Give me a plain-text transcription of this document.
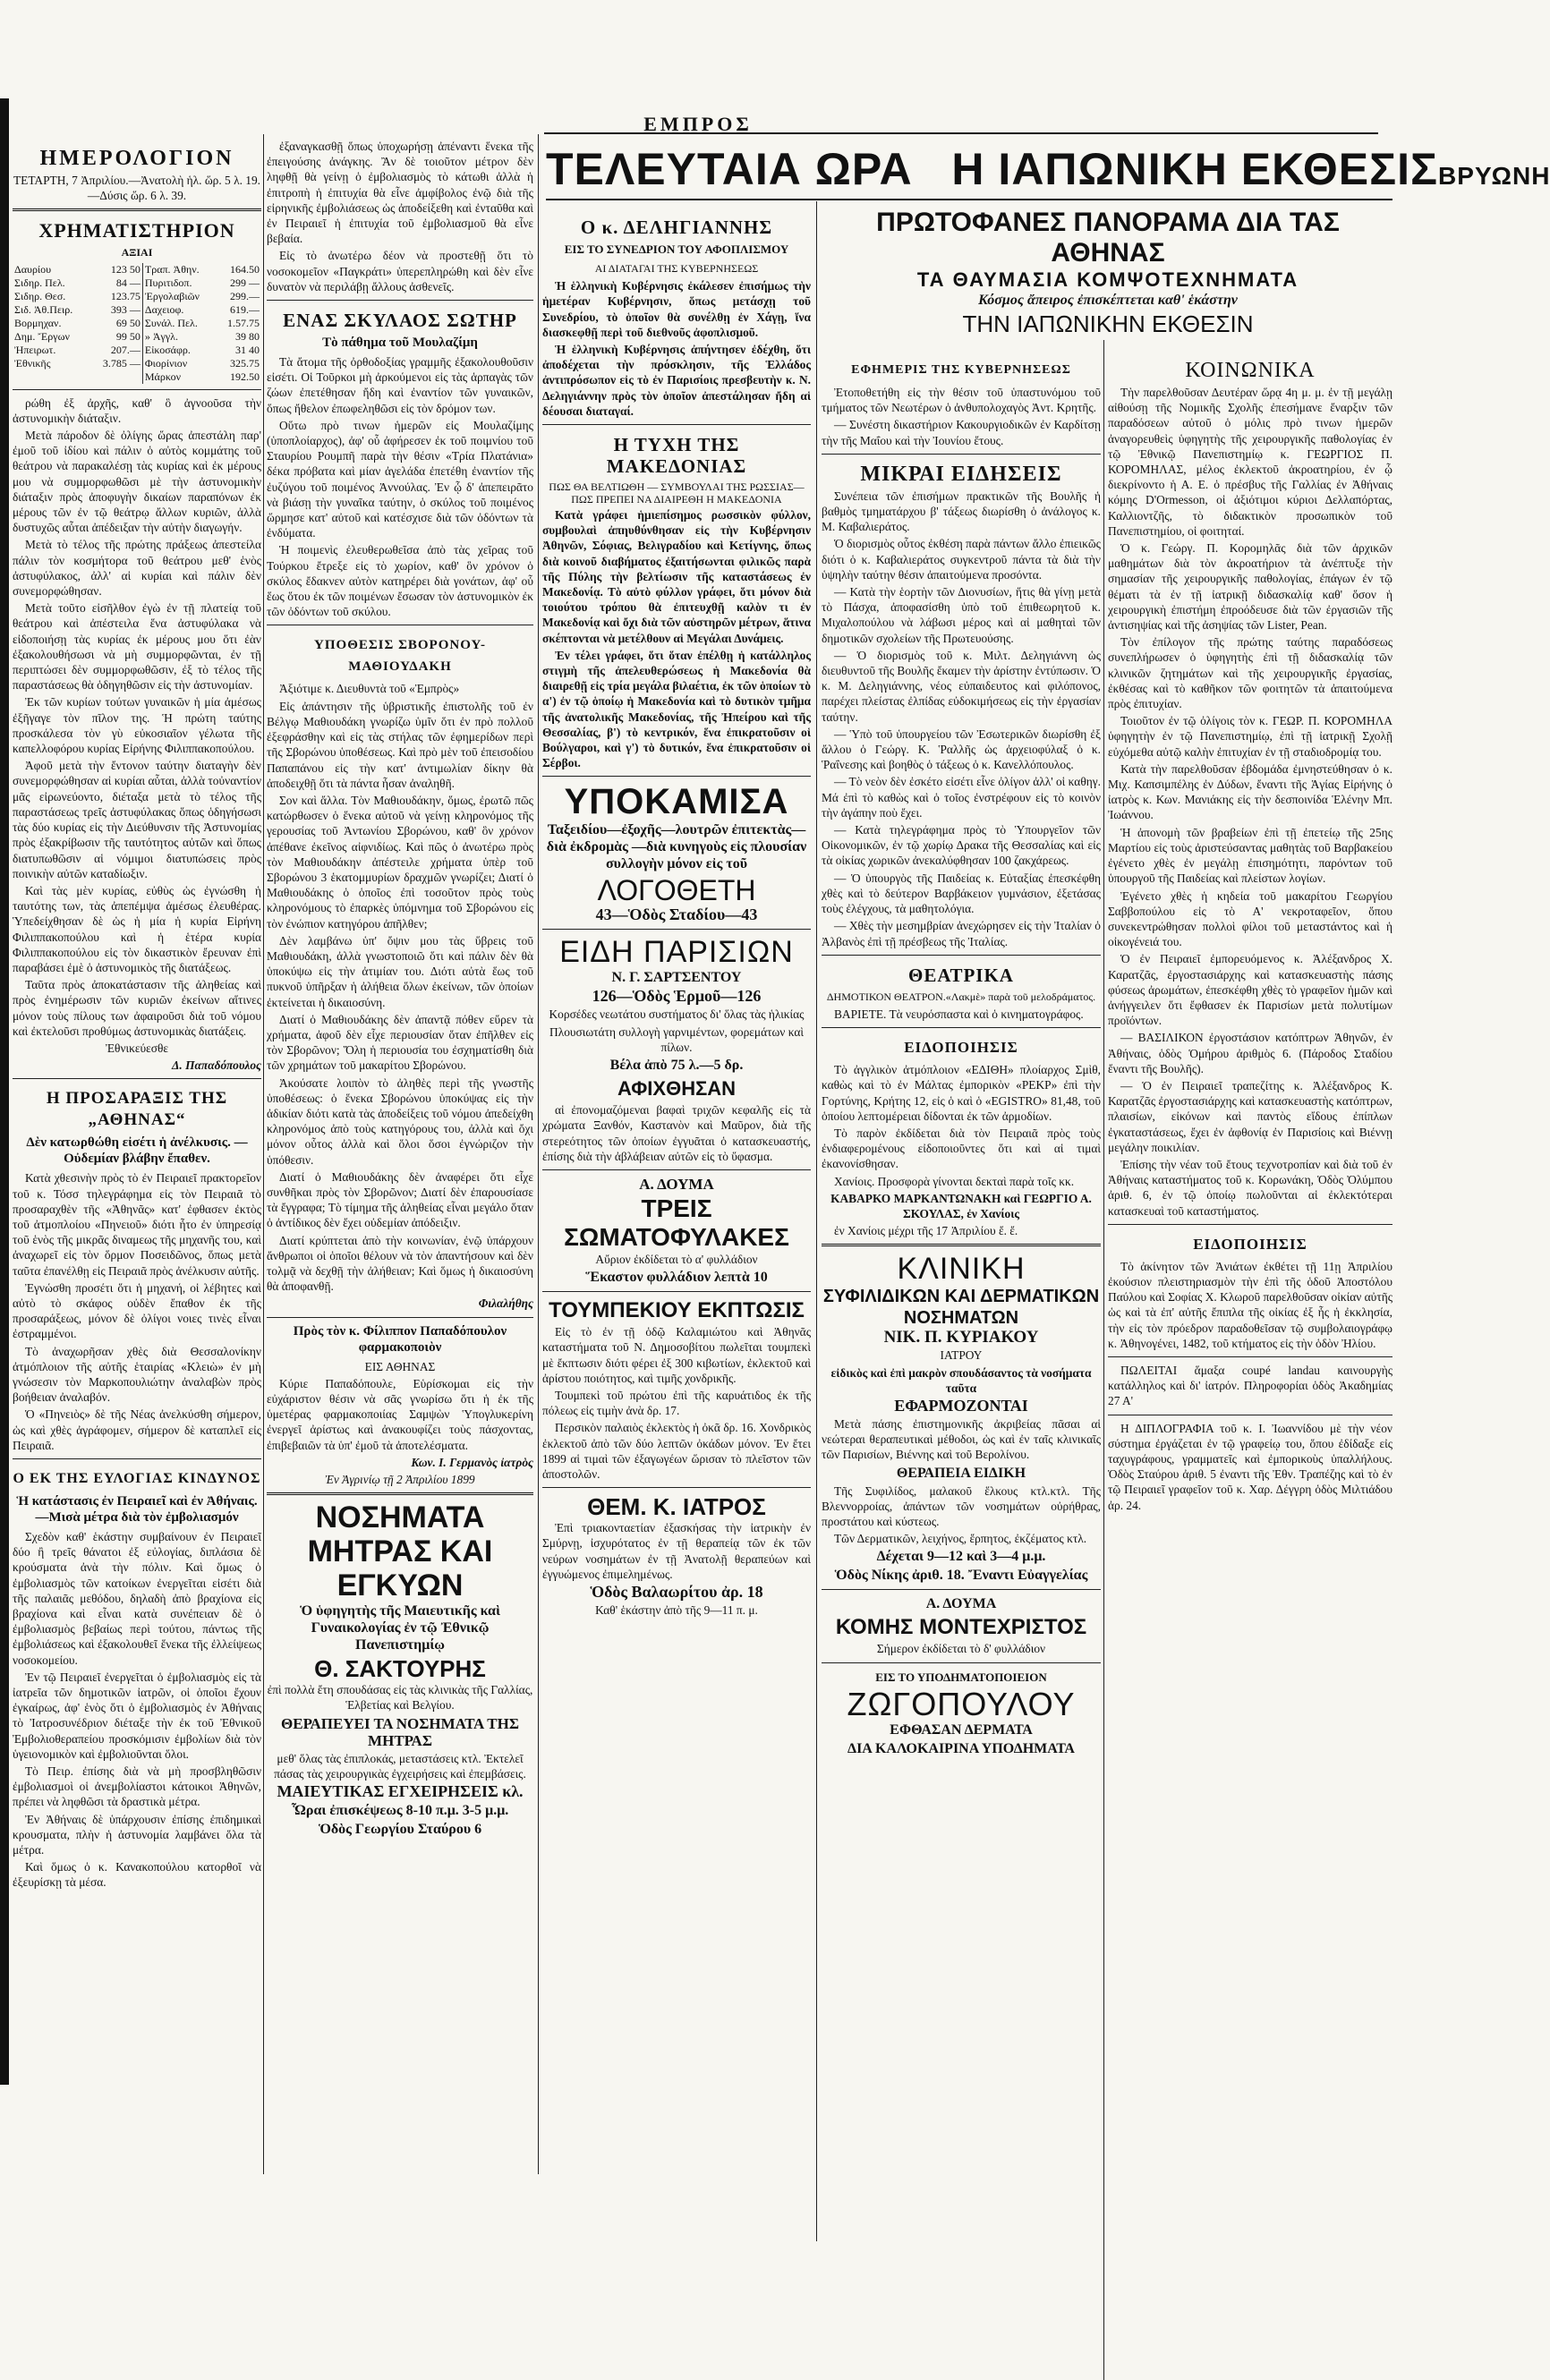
ΕΜΠΡΟΣ
ΤΕΛΕΥΤΑΙΑ ΩΡΑ Η ΙΑΠΩΝΙΚΗ ΕΚΘΕΣΙΣΒΡΥΩΝΗ
ΗΜΕΡΟΛΟΓΙΟΝ

ΤΕΤΑΡΤΗ, 7 Ἀπριλίου.—Ἀνατολὴ ἡλ. ὥρ. 5 λ. 19.—Δύσις ὥρ. 6 λ. 39.

ΧΡΗΜΑΤΙΣΤΗΡΙΟΝ

ΑΞΙΑΙ

Δαυρίου	123 50	Τραπ. Ἀθην.	164.50
Σιδηρ. Πελ.	84 —	Πυριτιδοπ.	299 —
Σιδηρ. Θεσ.	123.75	Ἐργολαβιῶν	299.—
Σιδ. Ἀθ.Πειρ.	393 —	Δαχειοφ.	619.—
Βορμηχαν.	69 50	Συνάλ. Πελ.	1.57.75
Δημ. Ἔργων	99 50	» Ἀγγλ.	39 80
Ἠπειρωτ.	207.—	Εἰκοσάφρ.	31 40
Ἐθνικῆς	3.785 —	Φιορίνιον	325.75
		Μάρκον	192.50

ρώθη ἐξ ἀρχῆς, καθ' ὃ ἀγνοοῦσα τὴν ἀστυνομικὴν διάταξιν.

Μετὰ πάροδον δὲ ὀλίγης ὥρας ἀπεστάλη παρ' ἐμοῦ τοῦ ἰδίου καὶ πάλιν ὁ αὐτὸς κομμάτης τοῦ θεάτρου νὰ παρακαλέσῃ τὰς κυρίας καὶ ἐκ μέρους μου νὰ συμμορφωθῶσι μὲ τὴν ἀστυνομικὴν διάταξιν πρὸς ἀποφυγὴν δικαίων παραπόνων ἐκ μέρους τῶν ἐν τῷ θεάτρῳ ἄλλων κυριῶν, ἀλλὰ δυστυχῶς αὗται ἀπέδειξαν τὴν αὐτὴν διαγωγήν.

Μετὰ τὸ τέλος τῆς πρώτης πράξεως ἀπεστείλα πάλιν τὸν κοσμήτορα τοῦ θεάτρου μεθ' ἑνὸς ἀστυφύλακος, ἀλλ' αἱ κυρίαι καὶ πάλιν δὲν συνεμορφώθησαν.

Μετὰ τοῦτο εἰσῆλθον ἐγὼ ἐν τῇ πλατείᾳ τοῦ θεάτρου καὶ ἀπέστειλα ἕνα ἀστυφύλακα νὰ εἰδοποιήσῃ τὰς κυρίας ἐκ μέρους μου ὅτι ἐὰν ἐξακολουθήσωσι νὰ μὴ συμμορφῶνται, ἐν τῇ περιπτώσει δὲν συμμορφωθῶσιν, ἐξ τὸ τέλος τῆς παραστάσεως θὰ ὁδηγηθῶσιν εἰς τὴν ἀστυνομίαν.

Ἐκ τῶν κυρίων τούτων γυναικῶν ἡ μία ἀμέσως ἐξῆγαγε τὸν πῖλον της. Ἡ πρώτη ταύτης προσκάλεσα τὸν γὺ εὐκοσιαῖον γέλωτα τῆς καπελλοφόρου κυρίας Εἰρήνης Φιλιππακοπούλου.

Ἀφοῦ μετὰ τὴν ἔντονον ταύτην διαταγὴν δὲν συνεμορφώθησαν αἱ κυρίαι αὗται, ἀλλὰ τοὐναντίον μᾶς εἰρωνεύοντο, διέταξα μετὰ τὸ τέλος τῆς παραστάσεως τρεῖς ἀστυφύλακας ὅπως ὁδηγήσωσι τὰς δύο κυρίας εἰς τὴν Διεύθυνσιν τῆς Ἀστυνομίας πρὸς ἐξακρίβωσιν τῆς ταυτότητος αὐτῶν καὶ ὅπως διατυπωθῶσιν αἱ νόμιμοι διατυπώσεις πρὸς ποινικὴν αὐτῶν καταδίωξιν.

Καὶ τὰς μὲν κυρίας, εὐθὺς ὡς ἐγνώσθη ἡ ταυτότης των, τὰς ἀπεπέμψα ἀμέσως ἐλευθέρας. Ὑπεδείχθησαν δὲ ὡς ἡ μία ἡ κυρία Εἰρήνη Φιλιππακοπούλου καὶ ἡ ἑτέρα κυρία Φιλιππακοπούλου εἰς τὸν δικαστικὸν ἔρευναν ἐπὶ παραβάσει ἐμὲ ὁ ἀστυνομικὸς τῆς διατάξεως.

Ταῦτα πρὸς ἀποκατάστασιν τῆς ἀληθείας καὶ πρὸς ἐνημέρωσιν τῶν κυριῶν ἐκείνων αἵτινες μόνον τοὺς πίλους των ἀφαιροῦσι διὰ τοῦ νόμου καὶ ἐκτελοῦσι προθύμως ἀστυνομικὰς διατάξεις.

Ἐθνικεύεσθε

Δ. Παπαδόπουλος

Η ΠΡΟΣΑΡΑΞΙΣ ΤΗΣ „ΑΘΗΝΑΣ“

Δὲν κατωρθώθη εἰσέτι ἡ ἀνέλκυσις. — Οὐδεμίαν βλάβην ἔπαθεν.

Κατὰ χθεσινὴν πρὸς τὸ ἐν Πειραιεῖ πρακτορεῖον τοῦ κ. Τόσσ τηλεγράφημα εἰς τὸν Πειραιᾶ τὸ προσαραχθὲν τῆς «Ἀθηνᾶς» κατ' ἐφθασεν ἐκτὸς τοῦ ἀτμοπλοίου «Πηνειοῦ» διότι ἦτο ἐν ὑπηρεσίᾳ τοῦ ἑνὸς τῆς μικρᾶς διναμεως τῆς μηχανῆς του, καὶ ἀναχωρεῖ εἰς τὸν ὅρμον Ποσειδῶνος, ὅπως μετὰ ταῦτα ἐπανέλθῃ εἰς Πειραιᾶ πρὸς ἀνέλκυσιν αὐτῆς.

Ἐγνώσθη προσέτι ὅτι ἡ μηχανή, οἱ λέβητες καὶ αὐτὸ τὸ σκάφος οὐδὲν ἔπαθον ἐκ τῆς προσαράξεως, μόνον δὲ ὀλίγοι νοιες τινὲς εἶναι ἐστραμμένοι.

Τὸ ἀναχωρῆσαν χθὲς διὰ Θεσσαλονίκην ἀτμόπλοιον τῆς αὐτῆς ἑταιρίας «Κλειὼ» ἐν μὴ γνώσεσιν τὸν Μαρκοπουλιώτην ἀναλαβὼν πρὸς βοήθειαν ἀναλαβόν.

Ὁ «Πηνειὸς» δὲ τῆς Νέας ἀνελκύσθη σήμερον, ὡς καὶ χθὲς ἀγράφομεν, σήμερον δὲ καταπλεῖ εἰς Πειραιᾶ.

Ο ΕΚ ΤΗΣ ΕΥΛΟΓΙΑΣ ΚΙΝΔΥΝΟΣ

Ἡ κατάστασις ἐν Πειραιεῖ καὶ ἐν Ἀθήναις.—Μισὰ μέτρα διὰ τὸν ἐμβολιασμόν

Σχεδὸν καθ' ἑκάστην συμβαίνουν ἐν Πειραιεῖ δύο ἢ τρεῖς θάνατοι ἐξ εὐλογίας, διπλάσια δὲ κρούσματα ἀνὰ τὴν πόλιν. Καὶ ὅμως ὁ ἐμβολιασμὸς τῶν κατοίκων ἐνεργεῖται εἰσέτι διὰ τῆς παλαιᾶς μεθόδου, δηλαδὴ ἀπὸ βραχίονα εἰς βραχίονα καὶ εἶναι κατὰ συνέπειαν δὲ ὁ ἐμβολιασμὸς βεβαίως περὶ τούτου, πάντως τῆς ἐμβολιάσεως καὶ ἐξακολουθεῖ ἕνεκα τῆς ἐλλείψεως νοσοκομείου.

Ἐν τῷ Πειραιεῖ ἐνεργεῖται ὁ ἐμβολιασμὸς εἰς τὰ ἰατρεῖα τῶν δημοτικῶν ἰατρῶν, οἱ ὁποῖοι ἔχουν ἐγκαίρως, ἀφ' ἑνὸς ὅτι ὁ ἐμβολιασμὸς ἐν Ἀθήναις τὸ Ἰατροσυνέδριον διέταξε τὴν ἐκ τοῦ Ἐθνικοῦ Ἐμβολιοθεραπείου προσκόμισιν ἐμβολίων διὰ τὸν ὑγειονομικὸν καὶ ἐμβολιοῦνται ὅλοι.

Τὸ Πειρ. ἐπίσης διὰ νὰ μὴ προσβληθῶσιν ἐμβολιασμοὶ οἱ ἀνεμβολίαστοι κάτοικοι Ἀθηνῶν, πρέπει νὰ ληφθῶσι τὰ δραστικὰ μέτρα.

Ἐν Ἀθήναις δὲ ὑπάρχουσιν ἐπίσης ἐπιδημικαὶ κρουσματα, πλὴν ἡ ἀστυνομία λαμβάνει ὅλα τὰ μέτρα.

Καὶ ὅμως ὁ κ. Κανακοπούλου κατορθοῖ νὰ ἐξευρίσκῃ τὰ μέσα.

ἐξαναγκασθῇ ὅπως ὑποχωρήσῃ ἀπέναντι ἕνεκα τῆς ἐπειγούσης ἀνάγκης. Ἂν δὲ τοιοῦτον μέτρον δὲν ληφθῇ θὰ γείνῃ ὁ ἐμβολιασμὸς τὸ κάτωθι ἀλλὰ ἡ ἐπιτροπὴ ἡ ἐπιτυχία θὰ εἶνε ἀμφίβολος ἐνῷ διὰ τῆς εἰρηνικῆς ἐμβολιάσεως ὡς ἀποδείξεθη καὶ ἐνταῦθα καὶ ἐν Πειραιεῖ ἡ ἐπιτυχία τοῦ ἐμβολιασμοῦ θὰ εἶνε βεβαία.

Εἰς τὸ ἀνωτέρω δέον νὰ προστεθῇ ὅτι τὸ νοσοκομεῖον «Παγκράτι» ὑπερεπληρώθη καὶ δὲν εἶνε δυνατὸν νὰ περιλάβῃ ἄλλους ἀσθενεῖς.

ΕΝΑΣ ΣΚΥΛΑΟΣ ΣΩΤΗΡ

Τὸ πάθημα τοῦ Μουλαζίμη

Τὰ ἄτομα τῆς ὀρθοδοξίας γραμμῆς ἐξακολουθοῦσιν εἰσέτι. Οἱ Τοῦρκοι μὴ ἀρκούμενοι εἰς τὰς ἁρπαγὰς τῶν ζώων ἐπετέθησαν ἤδη καὶ ἐναντίον τῶν γυναικῶν, ὅπως ἤθελον ἐπωφεληθῶσι εἰς τὸν δρόμον των.

Οὕτω πρὸ τινων ἡμερῶν εἰς Μουλαζίμης (ὑποπλοίαρχος), ἀφ' οὗ ἀφήρεσεν ἐκ τοῦ ποιμνίου τοῦ Σταυρίου Ρουμπῆ παρὰ τὴν θέσιν «Τρία Πλατάνια» δέκα πρόβατα καὶ μίαν ἀγελάδα ἐπετέθη ἐναντίον τῆς ἐυζύγου τοῦ ποιμένος Ἀννούλας. Ἐν ᾧ δ' ἀπεπειρᾶτο νὰ βιάσῃ τὴν γυναῖκα ταύτην, ὁ σκύλος τοῦ ποιμένος ὥρμησε κατ' αὐτοῦ καὶ κατέσχισε διὰ τῶν ὀδόντων τὰ ἐνδύματα.

Ἡ ποιμενὶς ἐλευθερωθεῖσα ἀπὸ τὰς χεῖρας τοῦ Τούρκου ἔτρεξε εἰς τὸ χωρίον, καθ' ὃν χρόνον ὁ σκύλος ἔδακνεν αὐτὸν κατηρέρει διὰ γονάτων, ἀφ' οὗ ἕως ὅτου ἐκ τῶν ποιμένων ἔσωσαν τὸν ἀστυνομικὸν ἐκ τῶν ὀδόντων τοῦ σκύλου.

ΥΠΟΘΕΣΙΣ ΣΒΟΡΟΝΟΥ-ΜΑΘΙΟΥΔΑΚΗ

Ἀξιότιμε κ. Διευθυντὰ τοῦ «Ἐμπρὸς»

Εἰς ἀπάντησιν τῆς ὑβριστικῆς ἐπιστολῆς τοῦ ἐν Βέλγῳ Μαθιουδάκη γνωρίζω ὑμῖν ὅτι ἐν πρὸ πολλοῦ ἐξεφράσθην καὶ εἰς τὰς στήλας τῶν ἐφημερίδων περὶ τῆς Σβορώνου ὑποθέσεως. Καὶ πρὸ μὲν τοῦ ἐπεισοδίου Παπαπάνου εἰς τὴν κατ' ἀντιμωλίαν δίκην θὰ ἀποδειχθῇ ὅτι τὰ πάντα ἦσαν ἀναληθῆ.

Σον καὶ ἄλλα. Τὸν Μαθιουδάκην, ὅμως, ἐρωτῶ πῶς κατώρθωσεν ὁ ἕνεκα αὐτοῦ νὰ γείνῃ κληρονόμος τῆς γερουσίας τοῦ Ἀντωνίου Σβορώνου, καθ' ὃν χρόνον ἀπέθανε ἐκεῖνος αἰφνιδίως. Καὶ πῶς ὁ ἀνωτέρω πρὸς τὸν Μαθιουδάκην ἀπέστειλε χρήματα ὑπὲρ τοῦ Σβορώνου 3 ἑκατομμυρίων δραχμῶν γνωρίζει; Διατί ὁ Μαθιουδάκης ὁ ὁποῖος ἐπὶ τοσοῦτον πρὸς τοὺς κληρονόμους τὸ ἐπαρκὲς ὑπόμνημα τοῦ Σβορώνου εἰς τὸν ἐνώπιον κατηγόρου ἀπῆλθεν;

Δὲν λαμβάνω ὑπ' ὄψιν μου τὰς ὕβρεις τοῦ Μαθιουδάκη, ἀλλὰ γνωστοποιῶ ὅτι καὶ πάλιν δὲν θὰ ὑποκύψω εἰς τὴν ἀτιμίαν του. Διότι αὐτὰ ἕως τοῦ πυκνοῦ ὑπῆρξαν ἡ ἀλήθεια ὅλων ἐκείνων, τῶν ὁποίων ἐκτείνεται ἡ δικαιοσύνη.

Διατί ὁ Μαθιουδάκης δὲν ἀπαντᾷ πόθεν εὕρεν τὰ χρήματα, ἀφοῦ δὲν εἶχε περιουσίαν ὅταν ἐπῆλθεν εἰς τὸν Σβορῶνον; Ὅλη ἡ περιουσία του ἐσχηματίσθη διὰ τῶν χρημάτων τοῦ μακαρίτου Σβορώνου.

Ἀκούσατε λοιπὸν τὸ ἀληθὲς περὶ τῆς γνωστῆς ὑποθέσεως: ὁ ἕνεκα Σβορώνου ὑποκύψας εἰς τὴν ἀδικίαν διότι κατὰ τὰς ἀποδείξεις τοῦ νόμου ἀπεδείχθη κληρονόμος ἀπὸ τοὺς κατηγόρους του, ἀλλὰ καὶ ὄχι μόνον οὗτος ἀλλὰ καὶ ὅλοι ὅσοι ἐγνώριζον τὴν ὑπόθεσιν.

Διατί ὁ Μαθιουδάκης δὲν ἀναφέρει ὅτι εἶχε συνθῆκαι πρὸς τὸν Σβορῶνον; Διατί δὲν ἐπαρουσίασε τὰ ἔγγραφα; Τὸ τίμημα τῆς ἀληθείας εἶναι μεγάλο ὅταν ὁ ἀντίδικος δὲν ἔχει οὐδεμίαν ἀπόδειξιν.

Διατί κρύπτεται ἀπὸ τὴν κοινωνίαν, ἐνῷ ὑπάρχουν ἄνθρωποι οἱ ὁποῖοι θέλουν νὰ τὸν ἀπαντήσουν καὶ δὲν τολμᾷ νὰ δεχθῇ τὴν ἀλήθειαν; Καὶ ὅμως ἡ δικαιοσύνη θὰ ἀποφανθῇ.

Φιλαλήθης

Πρὸς τὸν κ. Φίλιππον Παπαδόπουλον φαρμακοποιὸν

ΕΙΣ ΑΘΗΝΑΣ

Κύριε Παπαδόπουλε, Εὑρίσκομαι εἰς τὴν εὐχάριστον θέσιν νὰ σᾶς γνωρίσω ὅτι ἡ ἐκ τῆς ὑμετέρας φαρμακοποιίας Σαμψὼν Ὑπογλυκερίνη ἐνεργεῖ ἀρίστως καὶ ἀνακουφίζει τοὺς πάσχοντας, ἐπιβεβαιῶν τὰ ὑπ' ἐμοῦ τὰ ἀποτελέσματα.

Κων. Ι. Γερμανὸς ἰατρὸς

Ἐν Ἀγρινίῳ τῇ 2 Ἀπριλίου 1899

ΝΟΣΗΜΑΤΑ ΜΗΤΡΑΣ ΚΑΙ ΕΓΚΥΩΝ

Ὁ ὑφηγητὴς τῆς Μαιευτικῆς καὶ Γυναικολογίας ἐν τῷ Ἐθνικῷ Πανεπιστημίῳ

Θ. ΣΑΚΤΟΥΡΗΣ

ἐπὶ πολλὰ ἔτη σπουδάσας εἰς τὰς κλινικὰς τῆς Γαλλίας, Ἑλβετίας καὶ Βελγίου.

ΘΕΡΑΠΕΥΕΙ ΤΑ ΝΟΣΗΜΑΤΑ ΤΗΣ ΜΗΤΡΑΣ

μεθ' ὅλας τὰς ἐπιπλοκάς, μεταστάσεις κτλ. Ἐκτελεῖ πάσας τὰς χειρουργικὰς ἐγχειρήσεις καὶ ἐπεμβάσεις.

ΜΑΙΕΥΤΙΚΑΣ ΕΓΧΕΙΡΗΣΕΙΣ κλ.

Ὧραι ἐπισκέψεως 8-10 π.μ. 3-5 μ.μ.

Ὁδὸς Γεωργίου Σταύρου 6

Ο κ. ΔΕΛΗΓΙΑΝΝΗΣ

ΕΙΣ ΤΟ ΣΥΝΕΔΡΙΟΝ ΤΟΥ ΑΦΟΠΛΙΣΜΟΥ

ΑΙ ΔΙΑΤΑΓΑΙ ΤΗΣ ΚΥΒΕΡΝΗΣΕΩΣ

Ἡ ἑλληνικὴ Κυβέρνησις ἐκάλεσεν ἐπισήμως τὴν ἡμετέραν Κυβέρνησιν, ὅπως μετάσχῃ τοῦ Συνεδρίου, τὸ ὁποῖον θὰ συνέλθῃ ἐν Χάγῃ, ἵνα διασκεφθῇ περὶ τοῦ διεθνοῦς ἀφοπλισμοῦ.

Ἡ ἑλληνικὴ Κυβέρνησις ἀπήντησεν ἐδέχθη, ὅτι ἀποδέχεται τὴν πρόσκλησιν, τῆς Ἑλλάδος ἀντιπρόσωπον εἰς τὸ ἐν Παρισίοις πρεσβευτὴν κ. Ν. Δεληγιάννην πρὸς τὸν ὁποῖον ἀπεστάλησαν ἤδη αἱ δέουσαι διαταγαί.

Η ΤΥΧΗ ΤΗΣ ΜΑΚΕΔΟΝΙΑΣ

ΠΩΣ ΘΑ ΒΕΛΤΙΩΘΗ — ΣΥΜΒΟΥΛΑΙ ΤΗΣ ΡΩΣΣΙΑΣ—ΠΩΣ ΠΡΕΠΕΙ ΝΑ ΔΙΑΙΡΕΘΗ Η ΜΑΚΕΔΟΝΙΑ

Κατὰ γράφει ἡμιεπίσημος ρωσσικὸν φύλλον, συμβουλαὶ ἀπηυθύνθησαν εἰς τὴν Κυβέρνησιν Ἀθηνῶν, Σόφιας, Βελιγραδίου καὶ Κετίγνης, ὅπως διὰ κοινοῦ διαβήματος ἐξαιτήσωνται φιλικῶς παρὰ τῆς Πύλης τὴν βελτίωσιν τῆς καταστάσεως ἐν Μακεδονίᾳ. Τὸ αὐτὸ φύλλον γράφει, ὅτι μόνον διὰ τοιούτου τρόπου θὰ ἐπιτευχθῇ καλὸν τι ἐν Μακεδονίᾳ καὶ ὄχι διὰ τῶν αὐστηρῶν μέτρων, ἅτινα σκέπτονται νὰ μετέλθουν αἱ Μεγάλαι Δυνάμεις.

Ἐν τέλει γράφει, ὅτι ὅταν ἐπέλθῃ ἡ κατάλληλος στιγμὴ τῆς ἀπελευθερώσεως ἡ Μακεδονία θὰ διαιρεθῇ εἰς τρία μεγάλα βιλαέτια, ἐκ τῶν ὁποίων τὸ α') ἐν τῷ ὁποίῳ ἡ Μακεδονία καὶ τὸ δυτικὸν τμῆμα τῆς ἀνατολικῆς Μακεδονίας, τῆς Ἠπείρου καὶ τῆς Θεσσαλίας, β') τὸ κεντρικόν, ἕνα ἐπικρατοῦσιν οἱ Βούλγαροι, καὶ γ') τὸ δυτικόν, ἕνα ἐπικρατοῦσιν οἱ Σέρβοι.

ΥΠΟΚΑΜΙΣΑ

Ταξειδίου—ἐξοχῆς—λουτρῶν ἐπιτεκτὰς—διὰ ἐκδρομὰς —διὰ κυνηγοὺς εἰς πλουσίαν συλλογὴν μόνον εἰς τοῦ

ΛΟΓΟΘΕΤΗ

43—Ὁδὸς Σταδίου—43

ΕΙΔΗ ΠΑΡΙΣΙΩΝ

Ν. Γ. ΣΑΡΤΣΕΝΤΟΥ

126—Ὁδὸς Ἑρμοῦ—126

Κορσέδες νεωτάτου συστήματος δι' ὅλας τὰς ἡλικίας

Πλουσιωτάτη συλλογὴ γαρνιμέντων, φορεμάτων καὶ πίλων.

Βέλα ἀπὸ 75 λ.—5 δρ.

ΑΦΙΧΘΗΣΑΝ

αἱ ἐπονομαζόμεναι βαφαὶ τριχῶν κεφαλῆς εἰς τὰ χρώματα Ξανθόν, Καστανὸν καὶ Μαῦρον, διὰ τῆς στερεότητος τῶν ὁποίων ἐγγυᾶται ὁ κατασκευαστής, ἐπίσης διὰ τὴν ἀβλάβειαν αὐτῶν εἰς τὸ ὕφασμα.

Α. ΔΟΥΜΑ

ΤΡΕΙΣ ΣΩΜΑΤΟΦΥΛΑΚΕΣ

Αὔριον ἐκδίδεται τὸ α' φυλλάδιον

Ἕκαστον φυλλάδιον λεπτὰ 10

ΤΟΥΜΠΕΚΙΟΥ ΕΚΠΤΩΣΙΣ

Εἰς τὸ ἐν τῇ ὁδῷ Καλαμιώτου καὶ Ἀθηνᾶς καταστήματα τοῦ Ν. Δημοσοβίτου πωλεῖται τουμπεκὶ μὲ ἔκπτωσιν διότι φέρει ἐξ 300 κιβωτίων, ἐκλεκτοῦ καὶ ἀρίστου ποιότητος, καὶ τιμῆς χονδρικῆς.

Τουμπεκὶ τοῦ πρώτου ἐπὶ τῆς καρυάτιδος ἐκ τῆς πόλεως εἰς τιμὴν ἀνὰ δρ. 17.

Περσικὸν παλαιὸς ἐκλεκτὸς ἡ ὀκᾶ δρ. 16. Χονδρικὸς ἐκλεκτοῦ ἀπὸ τῶν δύο λεπτῶν ὀκάδων μόνον. Ἐν ἔτει 1899 αἱ τιμαὶ τῶν ἐξαγωγέων ὥρισαν τὸ πλεῖστον τῶν ἀποστολῶν.

ΘΕΜ. Κ. ΙΑΤΡΟΣ

Ἐπὶ τριακονταετίαν ἐξασκήσας τὴν ἰατρικὴν ἐν Σμύρνῃ, ἰσχυρότατος ἐν τῇ θεραπείᾳ τῶν ἐκ τῶν νεύρων νοσημάτων ἐν τῇ Ἀνατολῇ θεραπεύων καὶ ἐγγυώμενος ἐπιμελημένως.

Ὁδὸς Βαλαωρίτου ἀρ. 18

Καθ' ἑκάστην ἀπὸ τῆς 9—11 π. μ.

ΠΡΩΤΟΦΑΝΕΣ ΠΑΝΟΡΑΜΑ ΔΙΑ ΤΑΣ ΑΘΗΝΑΣ
ΤΑ ΘΑΥΜΑΣΙΑ ΚΟΜΨΟΤΕΧΝΗΜΑΤΑ

Κόσμος ἄπειρος ἐπισκέπτεται καθ' ἑκάστην

ΤΗΝ ΙΑΠΩΝΙΚΗΝ ΕΚΘΕΣΙΝ
ΕΦΗΜΕΡΙΣ ΤΗΣ ΚΥΒΕΡΝΗΣΕΩΣ

Ἐτοποθετήθη εἰς τὴν θέσιν τοῦ ὑπαστυνόμου τοῦ τμήματος τῶν Νεωτέρων ὁ ἀνθυπολοχαγὸς Ἀντ. Κρητῆς.

— Συνέστη δικαστήριον Κακουργιοδικῶν ἐν Καρδίτσῃ τὴν τῆς Μαΐου καὶ τὴν Ἰουνίου ἔτους.

ΜΙΚΡΑΙ ΕΙΔΗΣΕΙΣ

Συνέπεια τῶν ἐπισήμων πρακτικῶν τῆς Βουλῆς ἡ βαθμὸς τμηματάρχου β' τάξεως διωρίσθη ὁ ἀνάλογος κ. Μ. Καβαλιεράτος.

Ὁ διορισμὸς οὗτος ἐκθέση παρὰ πάντων ἄλλο ἐπιεικῶς διότι ὁ κ. Καβαλιεράτος συγκεντροῦ πάντα τὰ διὰ τὴν ὑψηλὴν ταύτην θέσιν ἀπαιτούμενα προσόντα.

— Κατὰ τὴν ἑορτὴν τῶν Διονυσίων, ἥτις θὰ γίνῃ μετὰ τὸ Πάσχα, ἀποφασίσθη ὑπὸ τοῦ ἐπιθεωρητοῦ κ. Μιχαλοπούλου νὰ λάβωσι μέρος καὶ αἱ μαθηταὶ τῶν δημοτικῶν σχολείων τῆς Πρωτευούσης.

— Ὁ διορισμὸς τοῦ κ. Μιλτ. Δεληγιάννη ὡς διευθυντοῦ τῆς Βουλῆς ἔκαμεν τὴν ἀρίστην ἐντύπωσιν. Ὁ κ. Μ. Δεληγιάννης, νέος εὐπαιδευτος καὶ φιλόπονος, παρέχει πλείστας ἐλπίδας εὐδοκιμήσεως εἰς τὴν ἐργασίαν ταύτην.

— Ὑπὸ τοῦ ὑπουργείου τῶν Ἐσωτερικῶν διωρίσθη ἐξ ἄλλου ὁ Γεώργ. Κ. Ῥαλλῆς ὡς ἀρχειοφύλαξ ὁ κ. Ῥαΐνεσης καὶ βοηθὸς ὁ τάξεως ὁ κ. Κανελλόπουλος.

— Τὸ νεὸν δὲν ἐσκέτο εἰσέτι εἶνε ὀλίγον ἀλλ' οἱ καθηγ. Μά ἐπὶ τὸ καθὼς καὶ ὁ τοῖος ἐνστρέφουν εἰς τὸ κοινὸν τὴν ἀγάπην ποὺ ἔχει.

— Κατὰ τηλεγράφημα πρὸς τὸ Ὑπουργεῖον τῶν Οἰκονομικῶν, ἐν τῷ χωρίῳ Δρακα τῆς Θεσσαλίας καὶ εἰς τὰ οἰκίας χωρικῶν ἀνεκαλύφθησαν 100 ζακχάρεως.

— Ὁ ὑπουργὸς τῆς Παιδείας κ. Εὐταξίας ἐπεσκέφθη χθὲς καὶ τὸ δεύτερον Βαρβάκειον γυμνάσιον, ἐξετάσας τοὺς ἐλέγχους, τὰ μαθητολόγια.

— Χθὲς τὴν μεσημβρίαν ἀνεχώρησεν εἰς τὴν Ἰταλίαν ὁ Ἀλβανὸς ἐπὶ τῇ πρέσβεως τῆς Ἰταλίας.

ΘΕΑΤΡΙΚΑ

ΔΗΜΟΤΙΚΟΝ ΘΕΑΤΡΟΝ.«Λακμὲ» παρὰ τοῦ μελοδράματος.

ΒΑΡΙΕΤΕ. Τὰ νευρόσπαστα καὶ ὁ κινηματογράφος.

ΕΙΔΟΠΟΙΗΣΙΣ

Τὸ ἀγγλικὸν ἀτμόπλοιον «ΕΔΙΘΗ» πλοίαρχος Σμὶθ, καθὼς καὶ τὸ ἐν Μάλτας ἐμπορικὸν «ΡΕΚΡ» ἐπὶ τὴν Γορτύνης, Κρήτης 12, εἰς ὁ καὶ ὁ «EGISTRO» 81,48, τοῦ ὁποίου λεπτομέρειαι δίδονται ἐκ τῶν ἀρμοδίων.

Τὸ παρὸν ἐκδίδεται διὰ τὸν Πειραιᾶ πρὸς τοὺς ἐνδιαφερομένους εἰδοποιοῦντες ὅτι καὶ αἱ τιμαὶ ἐκανονίσθησαν.

Χανίοις. Προσφορὰ γίνονται δεκταὶ παρὰ τοῖς κκ.

ΚΑΒΑΡΚΟ ΜΑΡΚΑΝΤΩΝΑΚΗ καὶ ΓΕΩΡΓΙΟ Α. ΣΚΟΥΛΑΣ, ἐν Χανίοις

ἐν Χανίοις μέχρι τῆς 17 Ἀπριλίου ἔ. ἔ.

ΚΛΙΝΙΚΗ
ΣΥΦΙΛΙΔΙΚΩΝ ΚΑΙ ΔΕΡΜΑΤΙΚΩΝ ΝΟΣΗΜΑΤΩΝ

ΝΙΚ. Π. ΚΥΡΙΑΚΟΥ

ΙΑΤΡΟΥ

εἰδικὸς καὶ ἐπὶ μακρὸν σπουδάσαντος τὰ νοσήματα ταῦτα

ΕΦΑΡΜΟΖΟΝΤΑΙ

Μετὰ πάσης ἐπιστημονικῆς ἀκριβείας πᾶσαι αἱ νεώτεραι θεραπευτικαὶ μέθοδοι, ὡς καὶ ἐν ταῖς κλινικαῖς τῶν Παρισίων, Βιέννης καὶ τοῦ Βερολίνου.

ΘΕΡΑΠΕΙΑ ΕΙΔΙΚΗ

Τῆς Συφιλίδος, μαλακοῦ ἕλκους κτλ.κτλ. Τῆς Βλεννορροίας, ἀπάντων τῶν νοσημάτων οὐρήθρας, προστάτου καὶ κύστεως.

Τῶν Δερματικῶν, λειχήνος, ἕρπητος, ἐκζέματος κτλ.

Δέχεται 9—12 καὶ 3—4 μ.μ.

Ὁδὸς Νίκης ἀριθ. 18. Ἔναντι Εὐαγγελίας

Α. ΔΟΥΜΑ

ΚΟΜΗΣ ΜΟΝΤΕΧΡΙΣΤΟΣ

Σήμερον ἐκδίδεται τὸ δ' φυλλάδιον

ΕΙΣ ΤΟ ΥΠΟΔΗΜΑΤΟΠΟΙΕΙΟΝ

ΖΩΓΟΠΟΥΛΟΥ

ΕΦΘΑΣΑΝ ΔΕΡΜΑΤΑ

ΔΙΑ ΚΑΛΟΚΑΙΡΙΝΑ ΥΠΟΔΗΜΑΤΑ

ΚΟΙΝΩΝΙΚΑ

Τὴν παρελθοῦσαν Δευτέραν ὥρᾳ 4η μ. μ. ἐν τῇ μεγάλῃ αἰθούσῃ τῆς Νομικῆς Σχολῆς ἐπεσήμανε ἔναρξιν τῶν παραδόσεων αὐτοῦ ὁ μόλις πρὸ τινων ἡμερῶν ἀναγορευθεὶς ὑφηγητὴς τῆς χειρουργικῆς παθολογίας ἐν τῷ Ἐθνικῷ Πανεπιστημίῳ κ. ΓΕΩΡΓΙΟΣ Π. ΚΟΡΟΜΗΛΑΣ, μέλος ἐκλεκτοῦ ἀκροατηρίου, ἐν ᾧ διεκρίνοντο ἡ Α. Ε. ὁ πρέσβυς τῆς Γαλλίας ἐν Ἀθήναις κόμης D'Ormesson, οἱ ἀξιότιμοι κύριοι Δελλαπόρτας, Καλλιοντζῆς, τὸ διδακτικὸν προσωπικὸν τοῦ Πανεπιστημίου, οἱ φοιτηταί.

Ὁ κ. Γεώργ. Π. Κορομηλᾶς διὰ τῶν ἀρχικῶν μαθημάτων διὰ τὸν ἀκροατήριον τὰ ἀνέπτυξε τὴν σημασίαν τῆς χειρουργικῆς παθολογίας, ἐπάγων ἐν τῷ θέματι τὰ ἐν τῇ ἰατρικῇ διδασκαλίᾳ καθ' ὅσον ἡ χειρουργικὴ ἐπιστήμη ἐπροόδευσε διὰ τῶν ἐργασιῶν τῆς ἀντισηψίας καὶ τῆς ἀσηψίας τῶν Lister, Pean.

Τὸν ἐπίλογον τῆς πρώτης ταύτης παραδόσεως συνεπλήρωσεν ὁ ὑφηγητὴς ἐπὶ τῇ διδασκαλίᾳ τῶν κλινικῶν ζητημάτων καὶ τῆς χειρουργικῆς ἐργασίας, ἐκθέσας καὶ τὸ καθῆκον τῶν φοιτητῶν τὰ ἀπαιτούμενα πρὸς ἐπιτυχίαν.

Τοιοῦτον ἐν τῷ ὀλίγοις τὸν κ. ΓΕΩΡ. Π. ΚΟΡΟΜΗΛΑ ὑφηγητὴν ἐν τῷ Πανεπιστημίῳ, ἐπὶ τῇ ἰατρικῇ Σχολῇ εὐχόμεθα αὐτῷ καλὴν ἐπιτυχίαν ἐν τῇ σταδιοδρομίᾳ του.

Κατὰ τὴν παρελθοῦσαν ἑβδομάδα ἐμνηστεύθησαν ὁ κ. Μιχ. Καπσιμπέλης ἐν Δύδων, ἔναντι τῆς Ἁγίας Εἰρήνης ὁ ἰατρὸς κ. Κων. Μανιάκης εἰς τὴν δεσποινίδα Ἑλένην Μπ. Ἰωάννου.

Ἡ ἀπονομὴ τῶν βραβείων ἐπὶ τῇ ἐπετείῳ τῆς 25ης Μαρτίου εἰς τοὺς ἀριστεύσαντας μαθητὰς τοῦ Βαρβακείου ἐγένετο χθὲς ἐν μεγάλῃ ἐπισημότητι, παρόντων τοῦ ὑπουργοῦ τῆς Παιδείας καὶ πλείστων λογίων.

Ἐγένετο χθὲς ἡ κηδεία τοῦ μακαρίτου Γεωργίου Σαββοπούλου εἰς τὸ Α' νεκροταφεῖον, ὅπου συνεκεντρώθησαν πολλοὶ φίλοι τοῦ μεταστάντος καὶ ἡ οἰκογένειά του.

Ὁ ἐν Πειραιεῖ ἐμπορευόμενος κ. Ἀλέξανδρος Χ. Καρατζᾶς, ἐργοστασιάρχης καὶ κατασκευαστὴς πάσης φύσεως ἀρωμάτων, ἐπεσκέφθη χθὲς τὸ γραφεῖον ἡμῶν καὶ ἀνήγγειλεν ὅτι ἔφθασεν ἐκ Παρισίων μετὰ πολυτίμων προϊόντων.

— ΒΑΣΙΛΙΚΟΝ ἐργοστάσιον κατόπτρων Ἀθηνῶν, ἐν Ἀθήναις, ὁδὸς Ὁμήρου ἀριθμὸς 6. (Πάροδος Σταδίου ἔναντι τῆς Βουλῆς).

— Ὁ ἐν Πειραιεῖ τραπεζίτης κ. Ἀλέξανδρος Κ. Καρατζᾶς ἐργοστασιάρχης καὶ κατασκευαστὴς κατόπτρων, πλαισίων, εἰκόνων καὶ παντὸς εἴδους ἐπίπλων ἐγκαταστάσεως, ἔχει ἐν ἀφθονίᾳ ἐν Παρισίοις καὶ Βιέννῃ μεγάλην ποικιλίαν.

Ἐπίσης τὴν νέαν τοῦ ἔτους τεχνοτροπίαν καὶ διὰ τοῦ ἐν Ἀθήναις καταστήματος τοῦ κ. Κορωνάκη, Ὁδὸς Ὀλύμπου ἀριθ. 6, ἐν τῷ ὁποίῳ πωλοῦνται αἱ ἐκλεκτότεραι κατασκευαὶ τοῦ καταστήματος.

ΕΙΔΟΠΟΙΗΣΙΣ

Τὸ ἀκίνητον τῶν Ἀνιάτων ἐκθέτει τῇ 11ῃ Ἀπριλίου ἐκούσιον πλειστηριασμὸν τὴν ἐπὶ τῆς ὁδοῦ Ἀποστόλου Παύλου καὶ Σοφίας Χ. Κλωροῦ παρελθοῦσαν οἰκίαν αὐτῆς ὡς καὶ τὰ ἐπ' αὐτῆς ἔπιπλα τῆς οἰκίας ἐξ ἧς ἡ ἐκκλησία, τὴν εἰς τὸν πρόεδρον παραδοθεῖσαν τῷ συμβολαιογράφῳ κ. Ἀθηνογένει, 1482, τοῦ κτήματος εἰς τὴν ὁδὸν Ἠλίου.

ΠΩΛΕΙΤΑΙ ἅμαξα coupé landau καινουργὴς κατάλληλος καὶ δι' ἰατρόν. Πληροφορίαι ὁδὸς Ἀκαδημίας 27 Α'

Η ΔΙΠΛΟΓΡΑΦΙΑ τοῦ κ. Ι. Ἰωαννίδου μὲ τὴν νέον σύστημα ἐργάζεται ἐν τῷ γραφείῳ του, ὅπου ἐδίδαξε εἰς ταχυγράφους, γραμματεῖς καὶ ἐμπορικοὺς ὑπαλλήλους. Ὁδὸς Σταύρου ἀριθ. 5 ἐναντι τῆς Ἐθν. Τραπέζης καὶ τὸ ἐν τῷ Πειραιεῖ γραφεῖον τοῦ κ. Χαρ. Δέγγρη ὁδὸς Μιλτιάδου ἀρ. 24.
